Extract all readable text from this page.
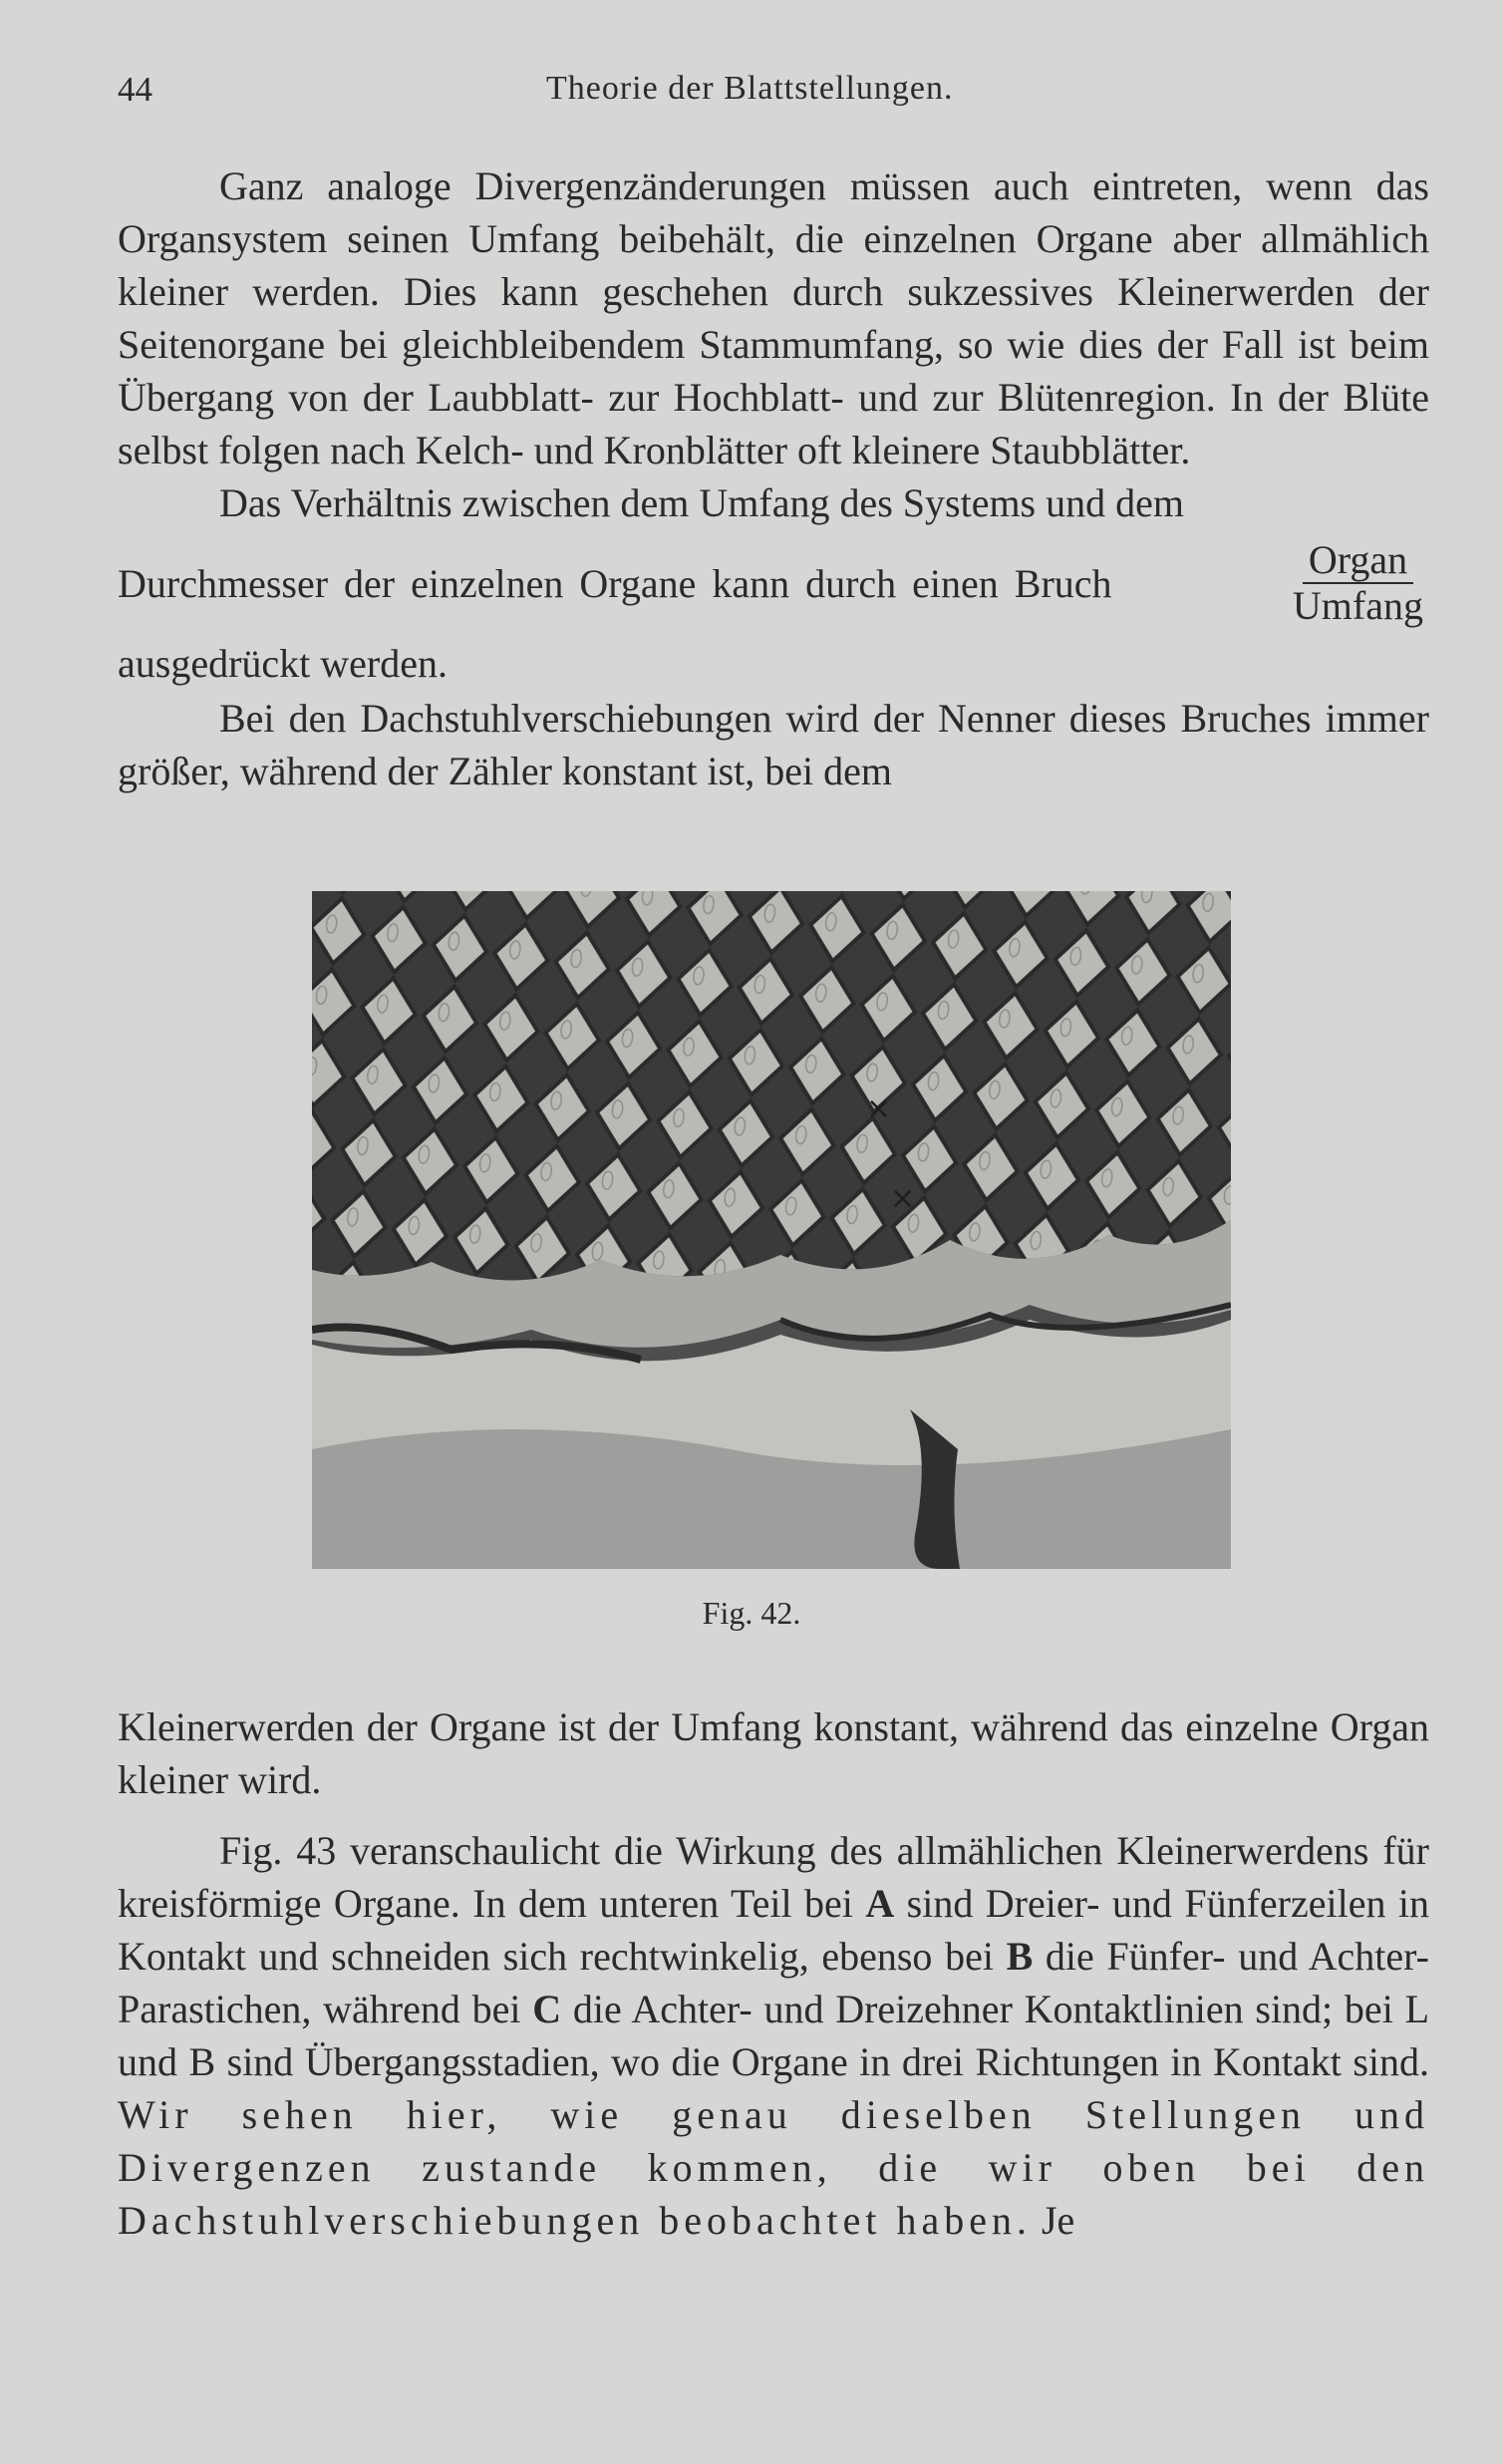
44	Theorie der Blattstellungen.

Ganz analoge Divergenzänderungen müssen auch eintreten, wenn das Organsystem seinen Umfang beibehält, die einzelnen Organe aber allmählich kleiner werden. Dies kann geschehen durch sukzessives Kleinerwerden der Seitenorgane bei gleichbleibendem Stammumfang, so wie dies der Fall ist beim Übergang von der Laubblatt- zur Hochblatt- und zur Blütenregion. In der Blüte selbst folgen nach Kelch- und Kronblätter oft kleinere Staubblätter.

Das Verhältnis zwischen dem Umfang des Systems und dem

Durchmesser der einzelnen Organe kann durch einen Bruch	$\frac{\text{Organ}}{\text{Umfang}}$

ausgedrückt werden.

Bei den Dachstuhlverschiebungen wird der Nenner dieses Bruches immer größer, während der Zähler konstant ist, bei dem

×
×
Fig. 42.

Kleinerwerden der Organe ist der Umfang konstant, während das einzelne Organ kleiner wird.

Fig. 43 veranschaulicht die Wirkung des allmählichen Kleinerwerdens für kreisförmige Organe. In dem unteren Teil bei A sind Dreier- und Fünferzeilen in Kontakt und schneiden sich rechtwinkelig, ebenso bei B die Fünfer- und Achter-Parastichen, während bei C die Achter- und Dreizehner Kontaktlinien sind; bei L und B sind Übergangsstadien, wo die Organe in drei Richtungen in Kontakt sind. Wir sehen hier, wie genau dieselben Stellungen und Divergenzen zustande kommen, die wir oben bei den Dachstuhlverschiebungen beobachtet haben. Je
